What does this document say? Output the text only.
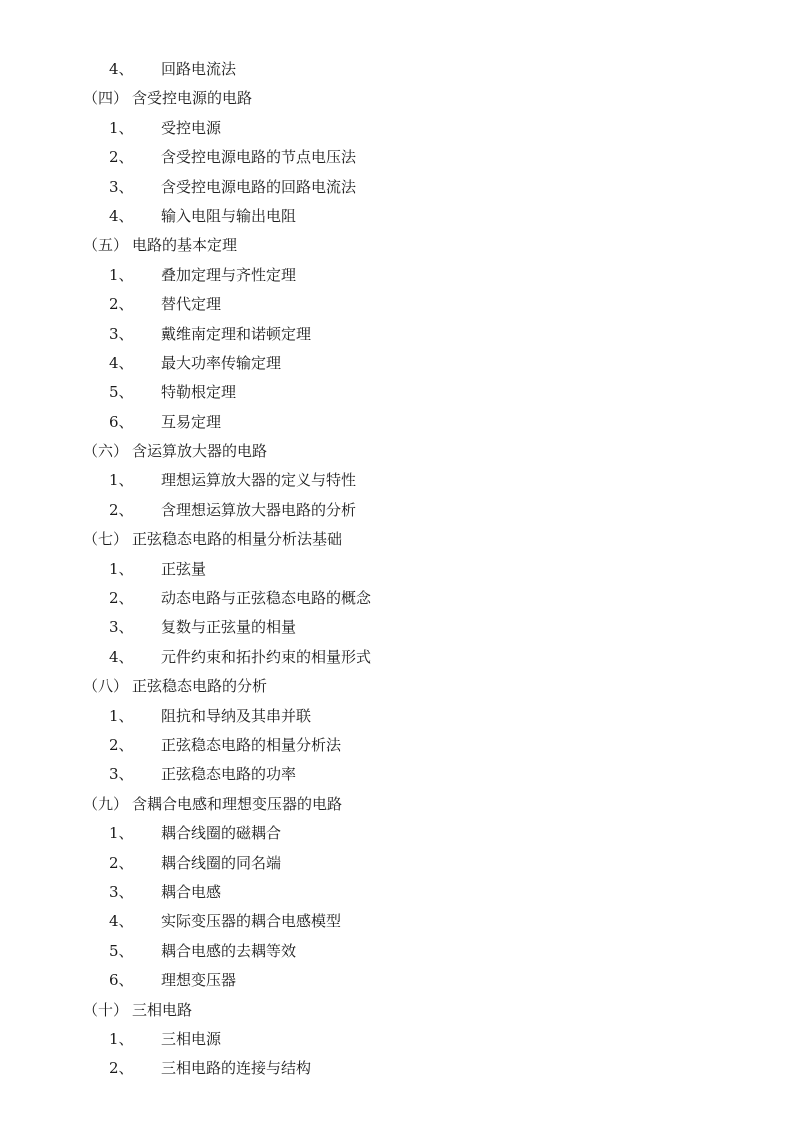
4、 回路电流法
（四） 含受控电源的电路
1、 受控电源
2、 含受控电源电路的节点电压法
3、 含受控电源电路的回路电流法
4、 输入电阻与输出电阻
（五） 电路的基本定理
1、 叠加定理与齐性定理
2、 替代定理
3、 戴维南定理和诺顿定理
4、 最大功率传输定理
5、 特勒根定理
6、 互易定理
（六） 含运算放大器的电路
1、 理想运算放大器的定义与特性
2、 含理想运算放大器电路的分析
（七） 正弦稳态电路的相量分析法基础
1、 正弦量
2、 动态电路与正弦稳态电路的概念
3、 复数与正弦量的相量
4、 元件约束和拓扑约束的相量形式
（八） 正弦稳态电路的分析
1、 阻抗和导纳及其串并联
2、 正弦稳态电路的相量分析法
3、 正弦稳态电路的功率
（九） 含耦合电感和理想变压器的电路
1、 耦合线圈的磁耦合
2、 耦合线圈的同名端
3、 耦合电感
4、 实际变压器的耦合电感模型
5、 耦合电感的去耦等效
6、 理想变压器
（十） 三相电路
1、 三相电源
2、 三相电路的连接与结构
